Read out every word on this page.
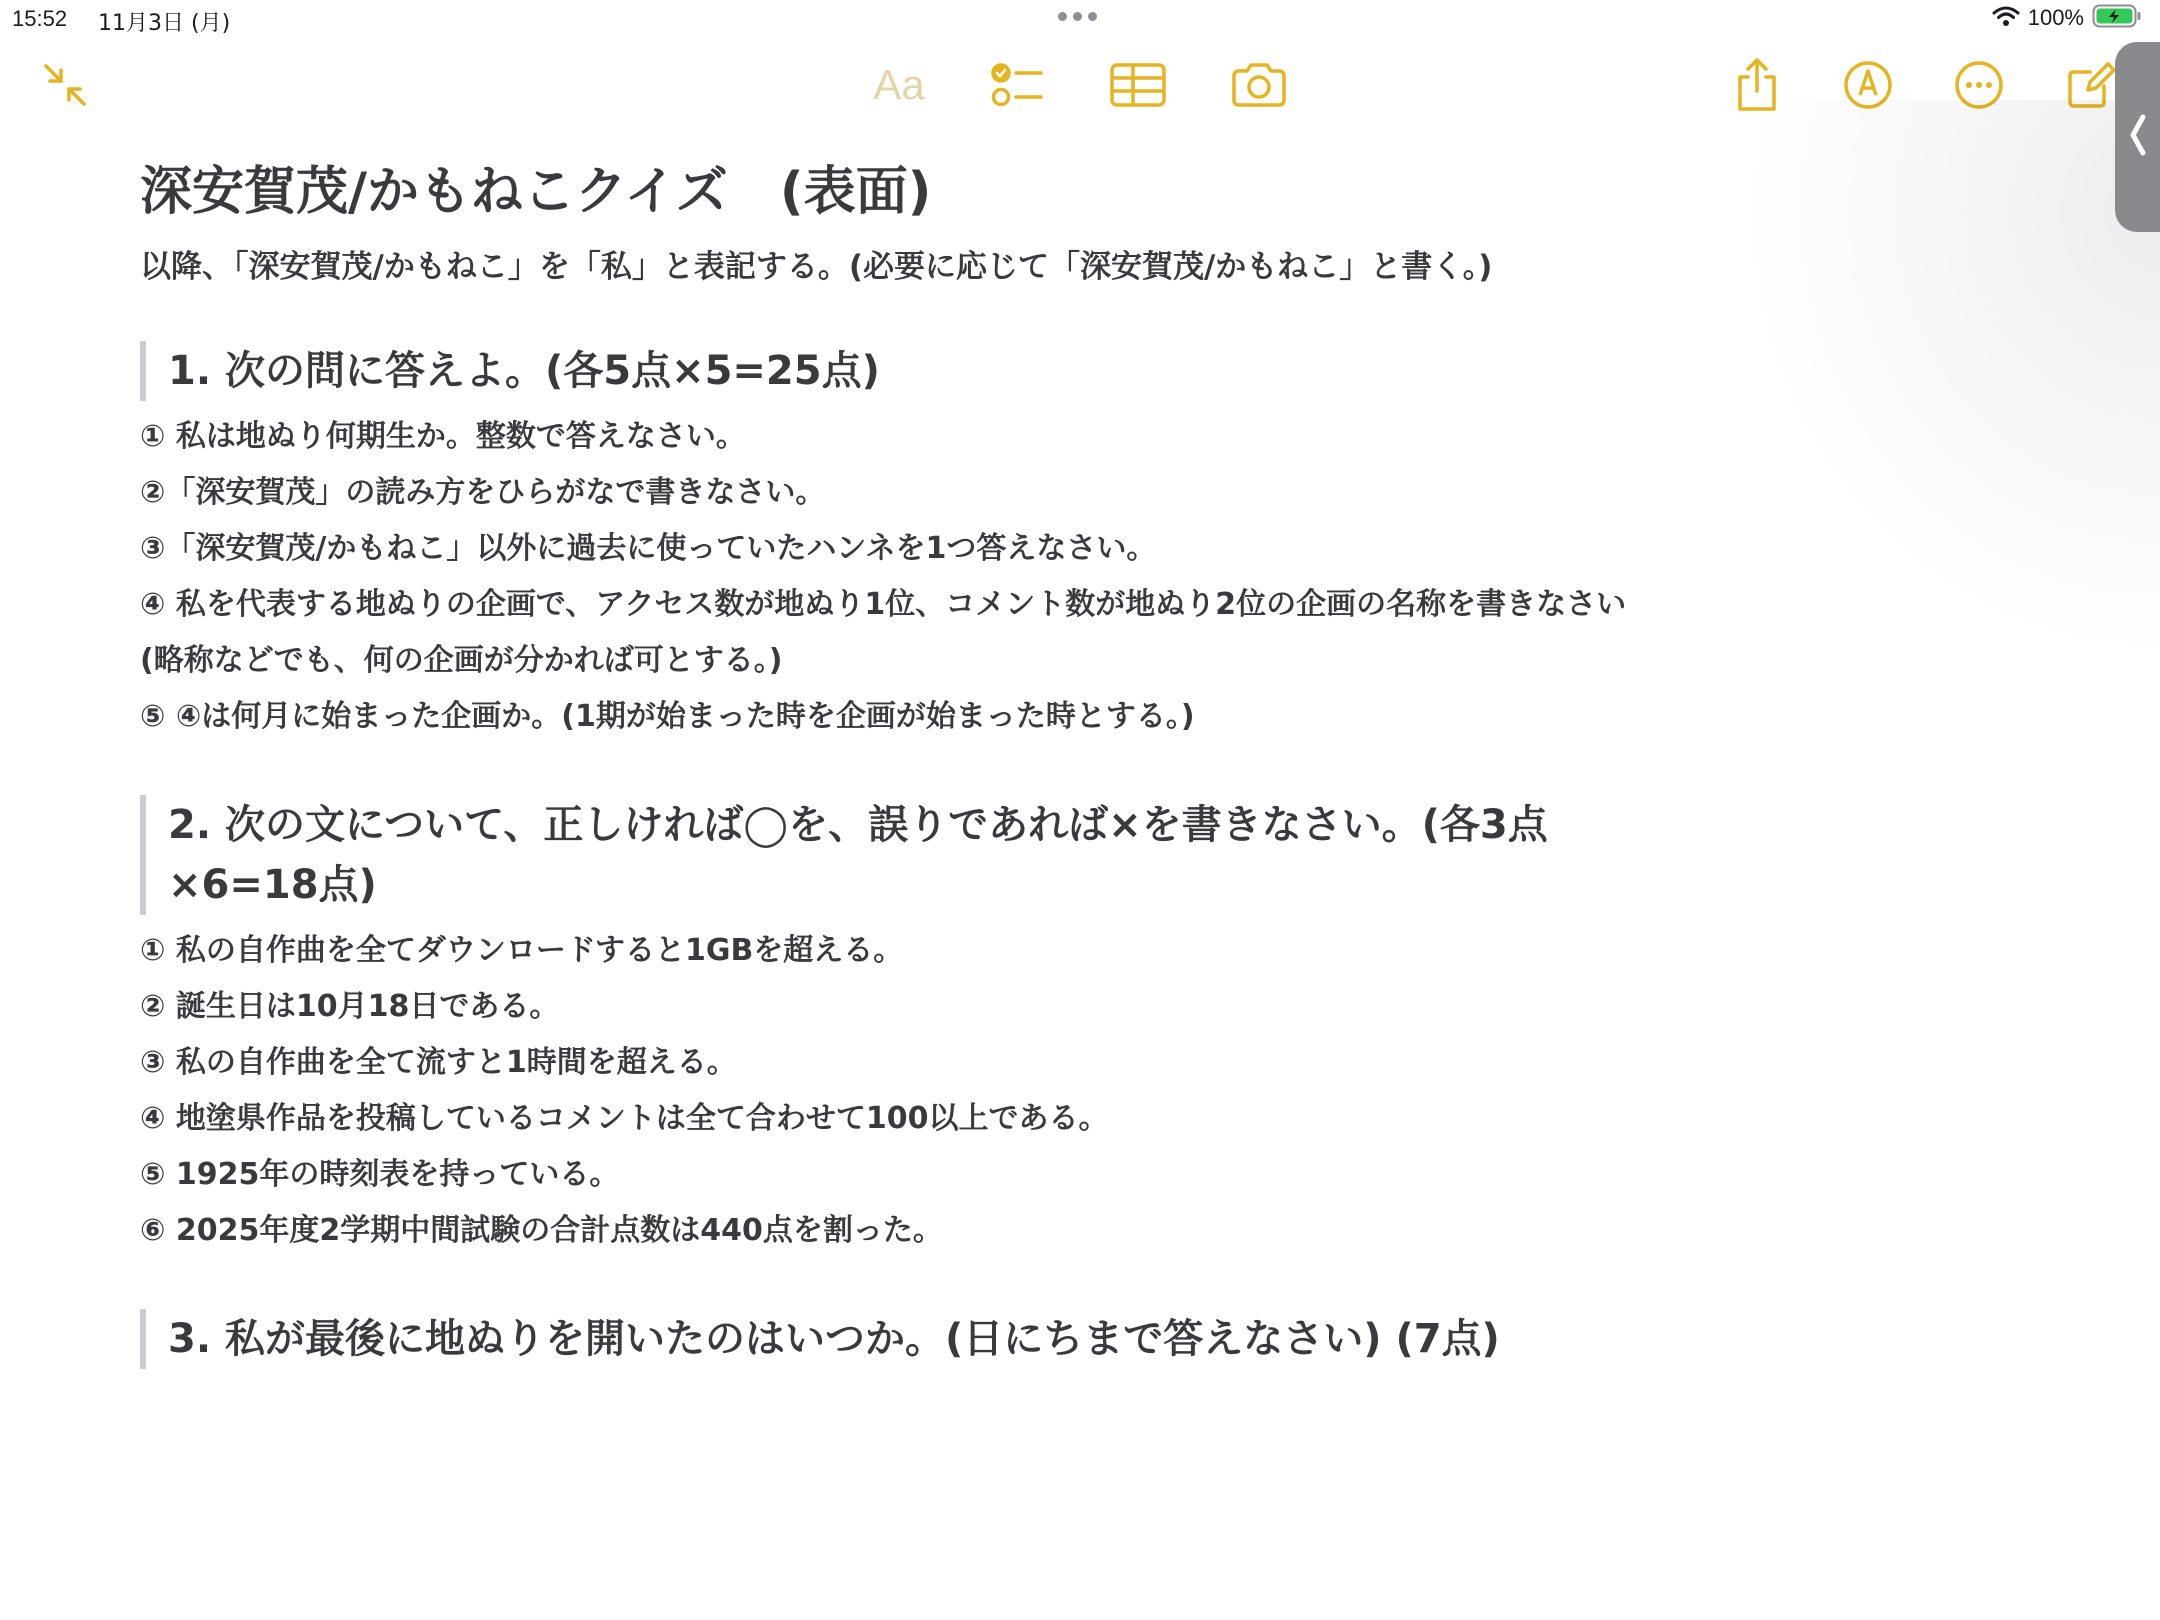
15:52 11月3日 (月)	100%
Aa
深安賀茂/かもねこクイズ　(表面)
以降、「深安賀茂/かもねこ」を「私」と表記する。(必要に応じて「深安賀茂/かもねこ」と書く。)
1. 次の問に答えよ。(各5点×5=25点)
① 私は地ぬり何期生か。整数で答えなさい。
②「深安賀茂」の読み方をひらがなで書きなさい。
③「深安賀茂/かもねこ」以外に過去に使っていたハンネを1つ答えなさい。
④ 私を代表する地ぬりの企画で、アクセス数が地ぬり1位、コメント数が地ぬり2位の企画の名称を書きなさい
(略称などでも、何の企画が分かれば可とする。)
⑤ ④は何月に始まった企画か。(1期が始まった時を企画が始まった時とする。)
2. 次の文について、正しければ◯を、誤りであれば×を書きなさい。(各3点×6=18点)
① 私の自作曲を全てダウンロードすると1GBを超える。
② 誕生日は10月18日である。
③ 私の自作曲を全て流すと1時間を超える。
④ 地塗県作品を投稿しているコメントは全て合わせて100以上である。
⑤ 1925年の時刻表を持っている。
⑥ 2025年度2学期中間試験の合計点数は440点を割った。
3. 私が最後に地ぬりを開いたのはいつか。(日にちまで答えなさい) (7点)
